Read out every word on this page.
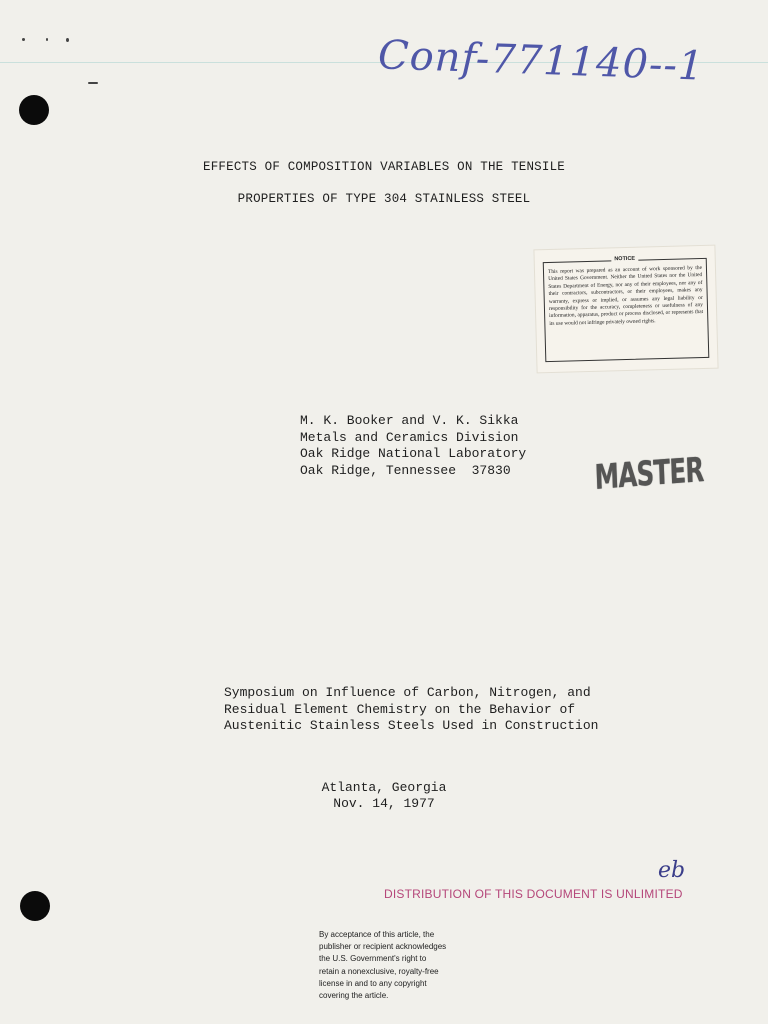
Conf-771140--1
EFFECTS OF COMPOSITION VARIABLES ON THE TENSILE
PROPERTIES OF TYPE 304 STAINLESS STEEL
NOTICE
This report was prepared as an account of work sponsored by the United States Government. Neither the United States nor the United States Department of Energy, nor any of their employees, nor any of their contractors, subcontractors, or their employees, makes any warranty, express or implied, or assumes any legal liability or responsibility for the accuracy, completeness or usefulness of any information, apparatus, product or process disclosed, or represents that its use would not infringe privately owned rights.
M. K. Booker and V. K. Sikka
Metals and Ceramics Division
Oak Ridge National Laboratory
Oak Ridge, Tennessee  37830	MASTER
Symposium on Influence of Carbon, Nitrogen, and
Residual Element Chemistry on the Behavior of
Austenitic Stainless Steels Used in Construction
Atlanta, Georgia
Nov. 14, 1977
eb
DISTRIBUTION OF THIS DOCUMENT IS UNLIMITED
By acceptance of this article, the
publisher or recipient acknowledges
the U.S. Government's right to
retain a nonexclusive, royalty-free
license in and to any copyright
covering the article.
